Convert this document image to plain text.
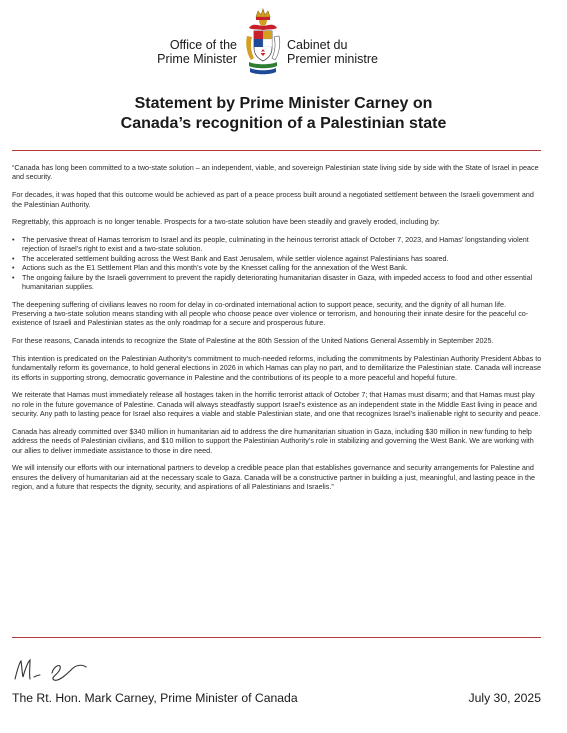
Office of the
Prime Minister
Cabinet du
Premier ministre
Statement by Prime Minister Carney on
Canada’s recognition of a Palestinian state

“Canada has long been committed to a two-state solution – an independent, viable, and sovereign Palestinian state living side by side with the State of Israel in peace and security.

For decades, it was hoped that this outcome would be achieved as part of a peace process built around a negotiated settlement between the Israeli government and the Palestinian Authority.

Regrettably, this approach is no longer tenable. Prospects for a two-state solution have been steadily and gravely eroded, including by:

• The pervasive threat of Hamas terrorism to Israel and its people, culminating in the heinous terrorist attack of October 7, 2023, and Hamas’ longstanding violent rejection of Israel’s right to exist and a two-state solution.
• The accelerated settlement building across the West Bank and East Jerusalem, while settler violence against Palestinians has soared.
• Actions such as the E1 Settlement Plan and this month’s vote by the Knesset calling for the annexation of the West Bank.
• The ongoing failure by the Israeli government to prevent the rapidly deteriorating humanitarian disaster in Gaza, with impeded access to food and other essential humanitarian supplies.

The deepening suffering of civilians leaves no room for delay in co-ordinated international action to support peace, security, and the dignity of all human life. Preserving a two-state solution means standing with all people who choose peace over violence or terrorism, and honouring their innate desire for the peaceful co-existence of Israeli and Palestinian states as the only roadmap for a secure and prosperous future.

For these reasons, Canada intends to recognize the State of Palestine at the 80th Session of the United Nations General Assembly in September 2025.

This intention is predicated on the Palestinian Authority’s commitment to much-needed reforms, including the commitments by Palestinian Authority President Abbas to fundamentally reform its governance, to hold general elections in 2026 in which Hamas can play no part, and to demilitarize the Palestinian state. Canada will increase its efforts in supporting strong, democratic governance in Palestine and the contributions of its people to a more peaceful and hopeful future.

We reiterate that Hamas must immediately release all hostages taken in the horrific terrorist attack of October 7; that Hamas must disarm; and that Hamas must play no role in the future governance of Palestine. Canada will always steadfastly support Israel’s existence as an independent state in the Middle East living in peace and security. Any path to lasting peace for Israel also requires a viable and stable Palestinian state, and one that recognizes Israel’s inalienable right to security and peace.

Canada has already committed over $340 million in humanitarian aid to address the dire humanitarian situation in Gaza, including $30 million in new funding to help address the needs of Palestinian civilians, and $10 million to support the Palestinian Authority’s role in stabilizing and governing the West Bank. We are working with our allies to deliver immediate assistance to those in dire need.

We will intensify our efforts with our international partners to develop a credible peace plan that establishes governance and security arrangements for Palestine and ensures the delivery of humanitarian aid at the necessary scale to Gaza. Canada will be a constructive partner in building a just, meaningful, and lasting peace in the region, and a future that respects the dignity, security, and aspirations of all Palestinians and Israelis.”

The Rt. Hon. Mark Carney, Prime Minister of Canada	July 30, 2025
